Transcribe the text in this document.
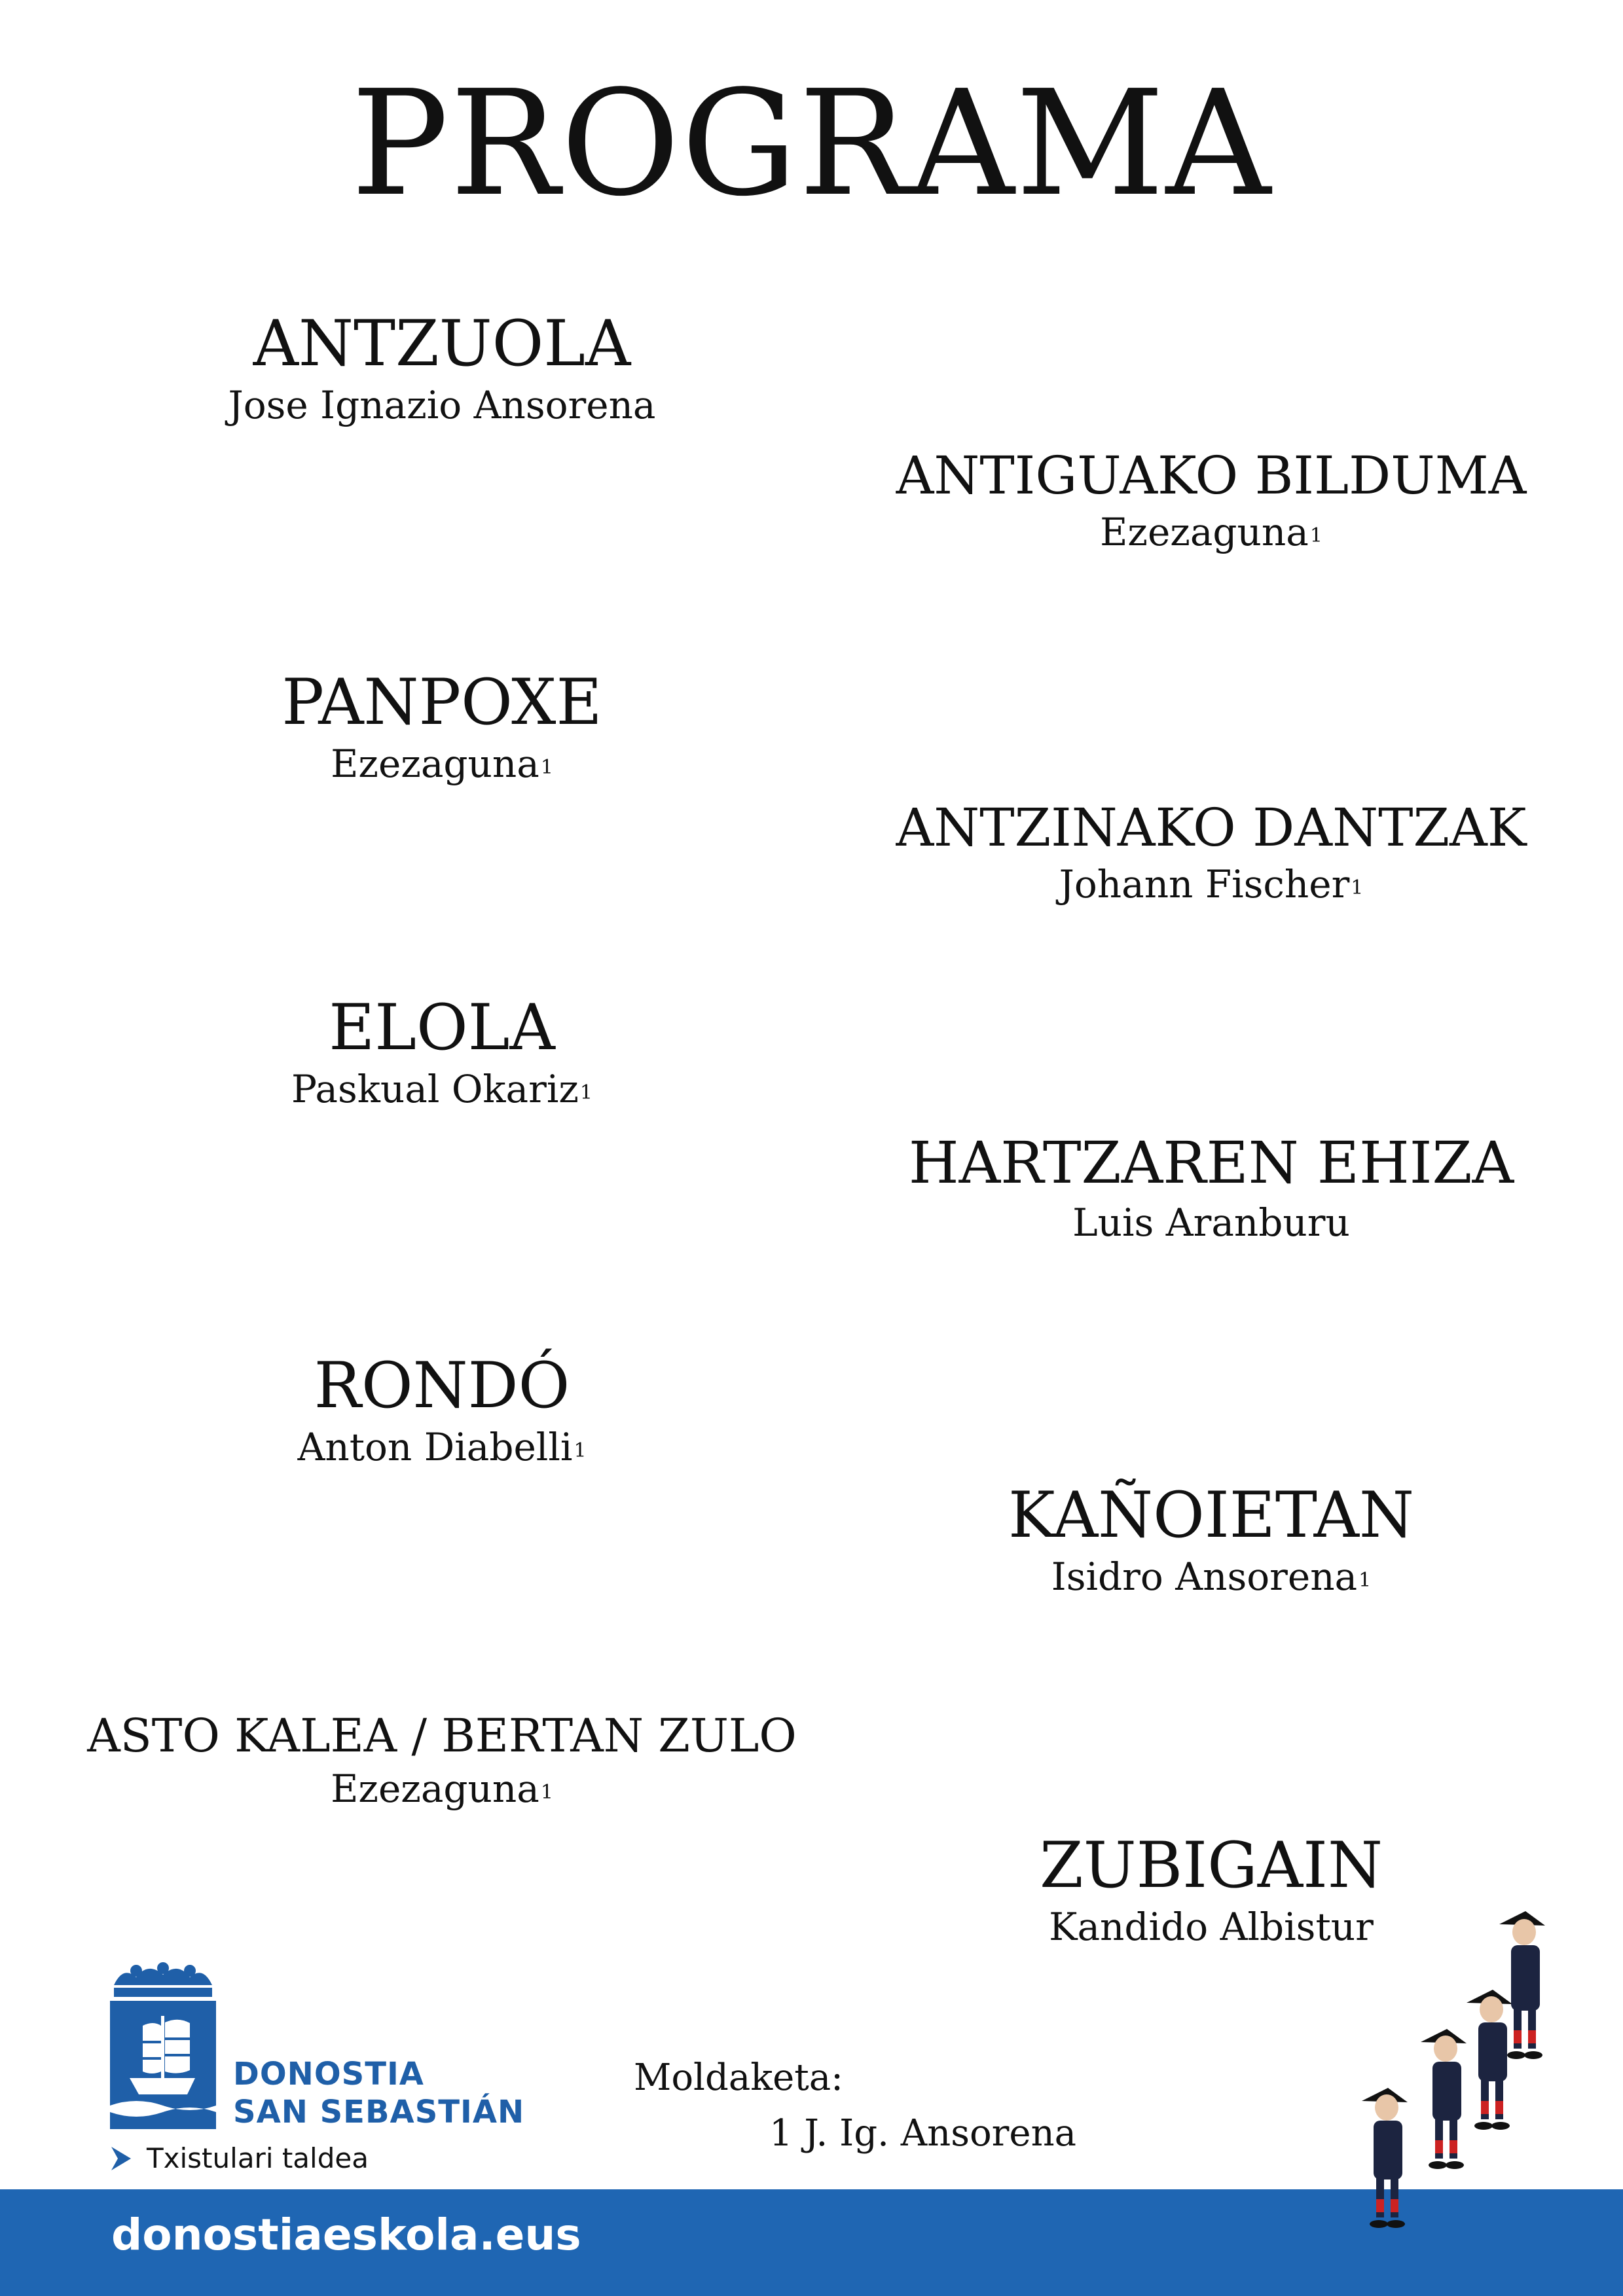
PROGRAMA
ANTZUOLA
Jose Ignazio Ansorena
PANPOXE
Ezezaguna$^1$
ELOLA
Paskual Okariz$^1$
RONDÓ
Anton Diabelli$^1$
ASTO KALEA / BERTAN ZULO
Ezezaguna$^1$
ANTIGUAKO BILDUMA
Ezezaguna$^1$
ANTZINAKO DANTZAK
Johann Fischer$^1$
HARTZAREN EHIZA
Luis Aranburu
KAÑOIETAN
Isidro Ansorena$^1$
ZUBIGAIN
Kandido Albistur
DONOSTIA
SAN SEBASTIÁN
Txistulari taldea
Moldaketa:
1 J. Ig. Ansorena
donostiaeskola.eus
